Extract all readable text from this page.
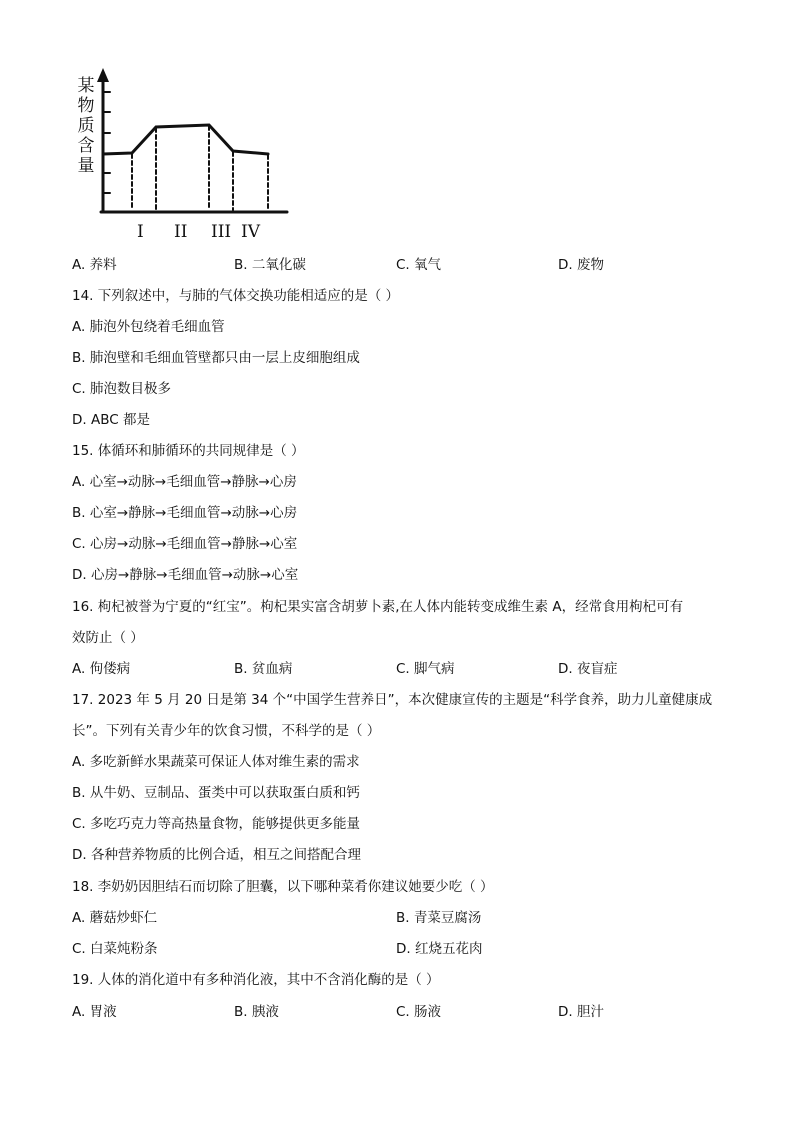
某
物
质
含
量
I II III IV
A. 养料	B. 二氧化碳	C. 氧气	D. 废物
14. 下列叙述中，与肺的气体交换功能相适应的是（ ）
A. 肺泡外包绕着毛细血管
B. 肺泡壁和毛细血管壁都只由一层上皮细胞组成
C. 肺泡数目极多
D. ABC 都是
15. 体循环和肺循环的共同规律是（ ）
A. 心室→动脉→毛细血管→静脉→心房
B. 心室→静脉→毛细血管→动脉→心房
C. 心房→动脉→毛细血管→静脉→心室
D. 心房→静脉→毛细血管→动脉→心室
16. 枸杞被誉为宁夏的“红宝”。枸杞果实富含胡萝卜素,在人体内能转变成维生素 A，经常食用枸杞可有
效防止（ ）
A. 佝偻病	B. 贫血病	C. 脚气病	D. 夜盲症
17. 2023 年 5 月 20 日是第 34 个“中国学生营养日”，本次健康宣传的主题是“科学食养，助力儿童健康成
长”。下列有关青少年的饮食习惯，不科学的是（ ）
A. 多吃新鲜水果蔬菜可保证人体对维生素的需求
B. 从牛奶、豆制品、蛋类中可以获取蛋白质和钙
C. 多吃巧克力等高热量食物，能够提供更多能量
D. 各种营养物质的比例合适，相互之间搭配合理
18. 李奶奶因胆结石而切除了胆囊，以下哪种菜肴你建议她要少吃（ ）
A. 蘑菇炒虾仁	B. 青菜豆腐汤
C. 白菜炖粉条	D. 红烧五花肉
19. 人体的消化道中有多种消化液，其中不含消化酶的是（ ）
A. 胃液	B. 胰液	C. 肠液	D. 胆汁
